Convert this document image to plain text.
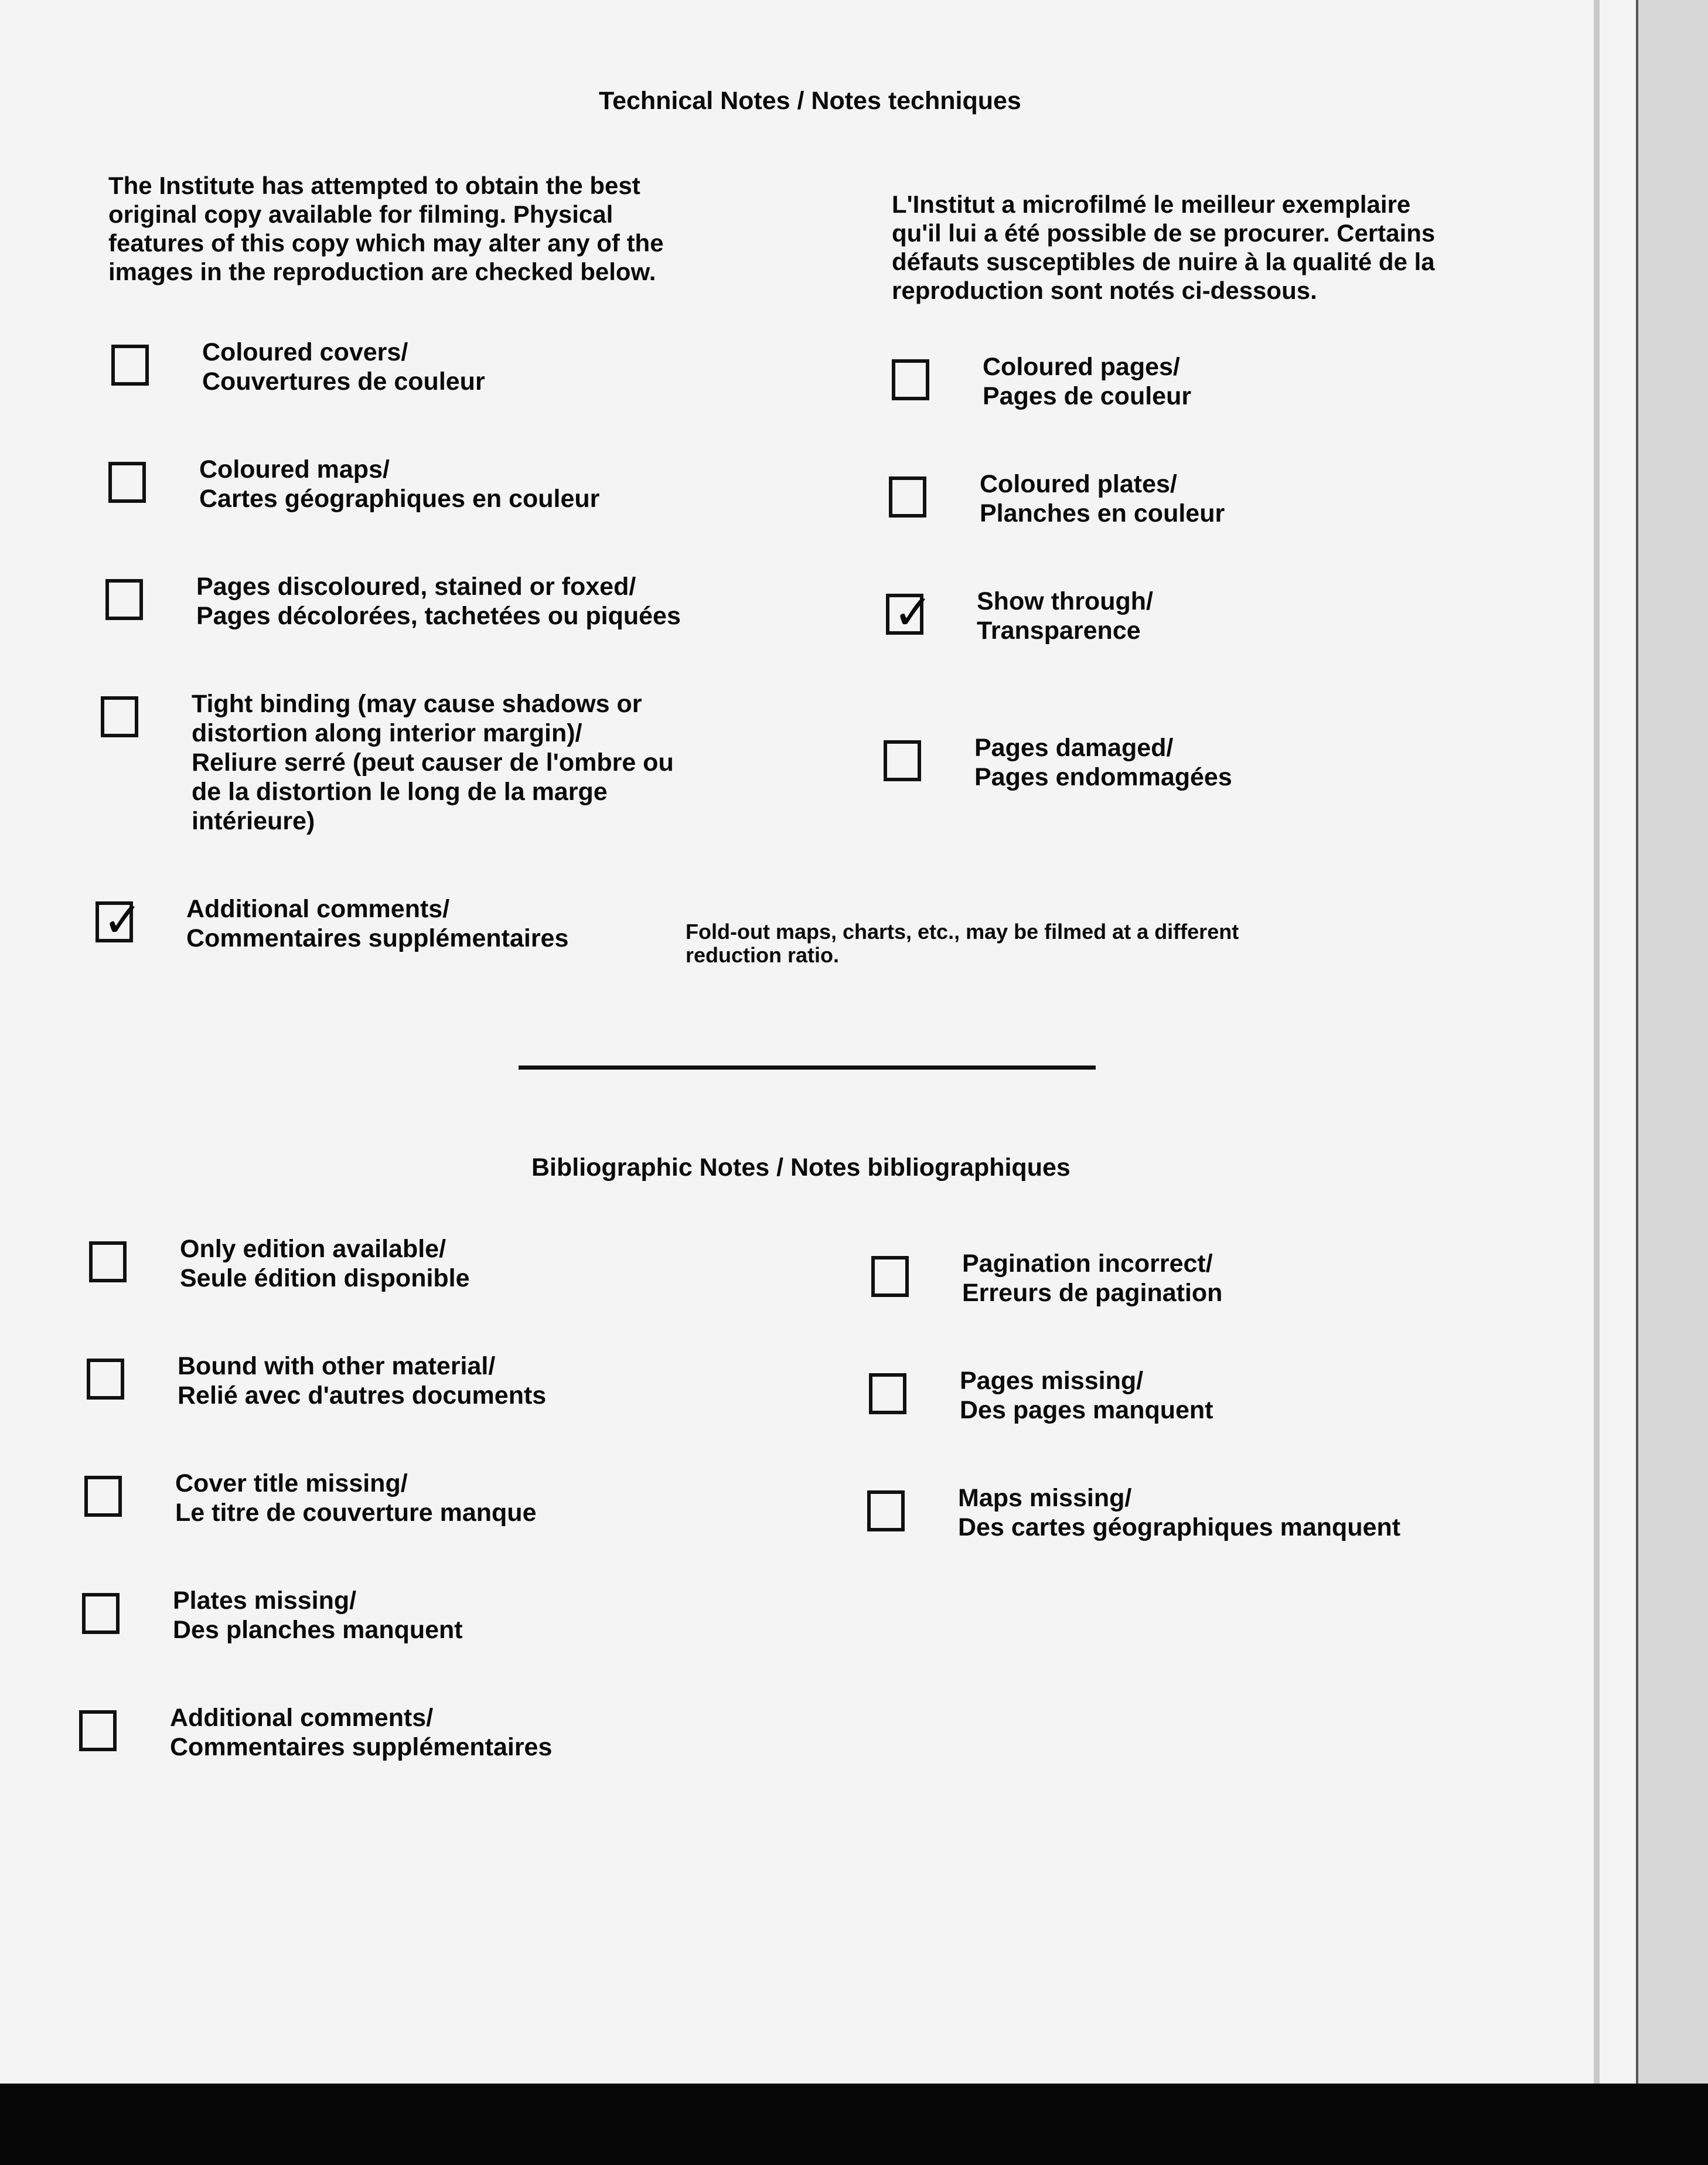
Technical Notes / Notes techniques
The Institute has attempted to obtain the best
original copy available for filming. Physical
features of this copy which may alter any of the
images in the reproduction are checked below.
L'Institut a microfilmé le meilleur exemplaire
qu'il lui a été possible de se procurer. Certains
défauts susceptibles de nuire à la qualité de la
reproduction sont notés ci-dessous.
Coloured covers/
Couvertures de couleur
Coloured maps/
Cartes géographiques en couleur
Pages discoloured, stained or foxed/
Pages décolorées, tachetées ou piquées
Tight binding (may cause shadows or
distortion along interior margin)/
Reliure serré (peut causer de l'ombre ou
de la distortion le long de la marge
intérieure)
✓ Additional comments/
Commentaires supplémentaires	Fold-out maps, charts, etc., may be filmed at a different
reduction ratio.
Coloured pages/
Pages de couleur
Coloured plates/
Planches en couleur
✓ Show through/
Transparence
Pages damaged/
Pages endommagées
Bibliographic Notes / Notes bibliographiques
Only edition available/
Seule édition disponible
Bound with other material/
Relié avec d'autres documents
Cover title missing/
Le titre de couverture manque
Plates missing/
Des planches manquent
Additional comments/
Commentaires supplémentaires
Pagination incorrect/
Erreurs de pagination
Pages missing/
Des pages manquent
Maps missing/
Des cartes géographiques manquent
